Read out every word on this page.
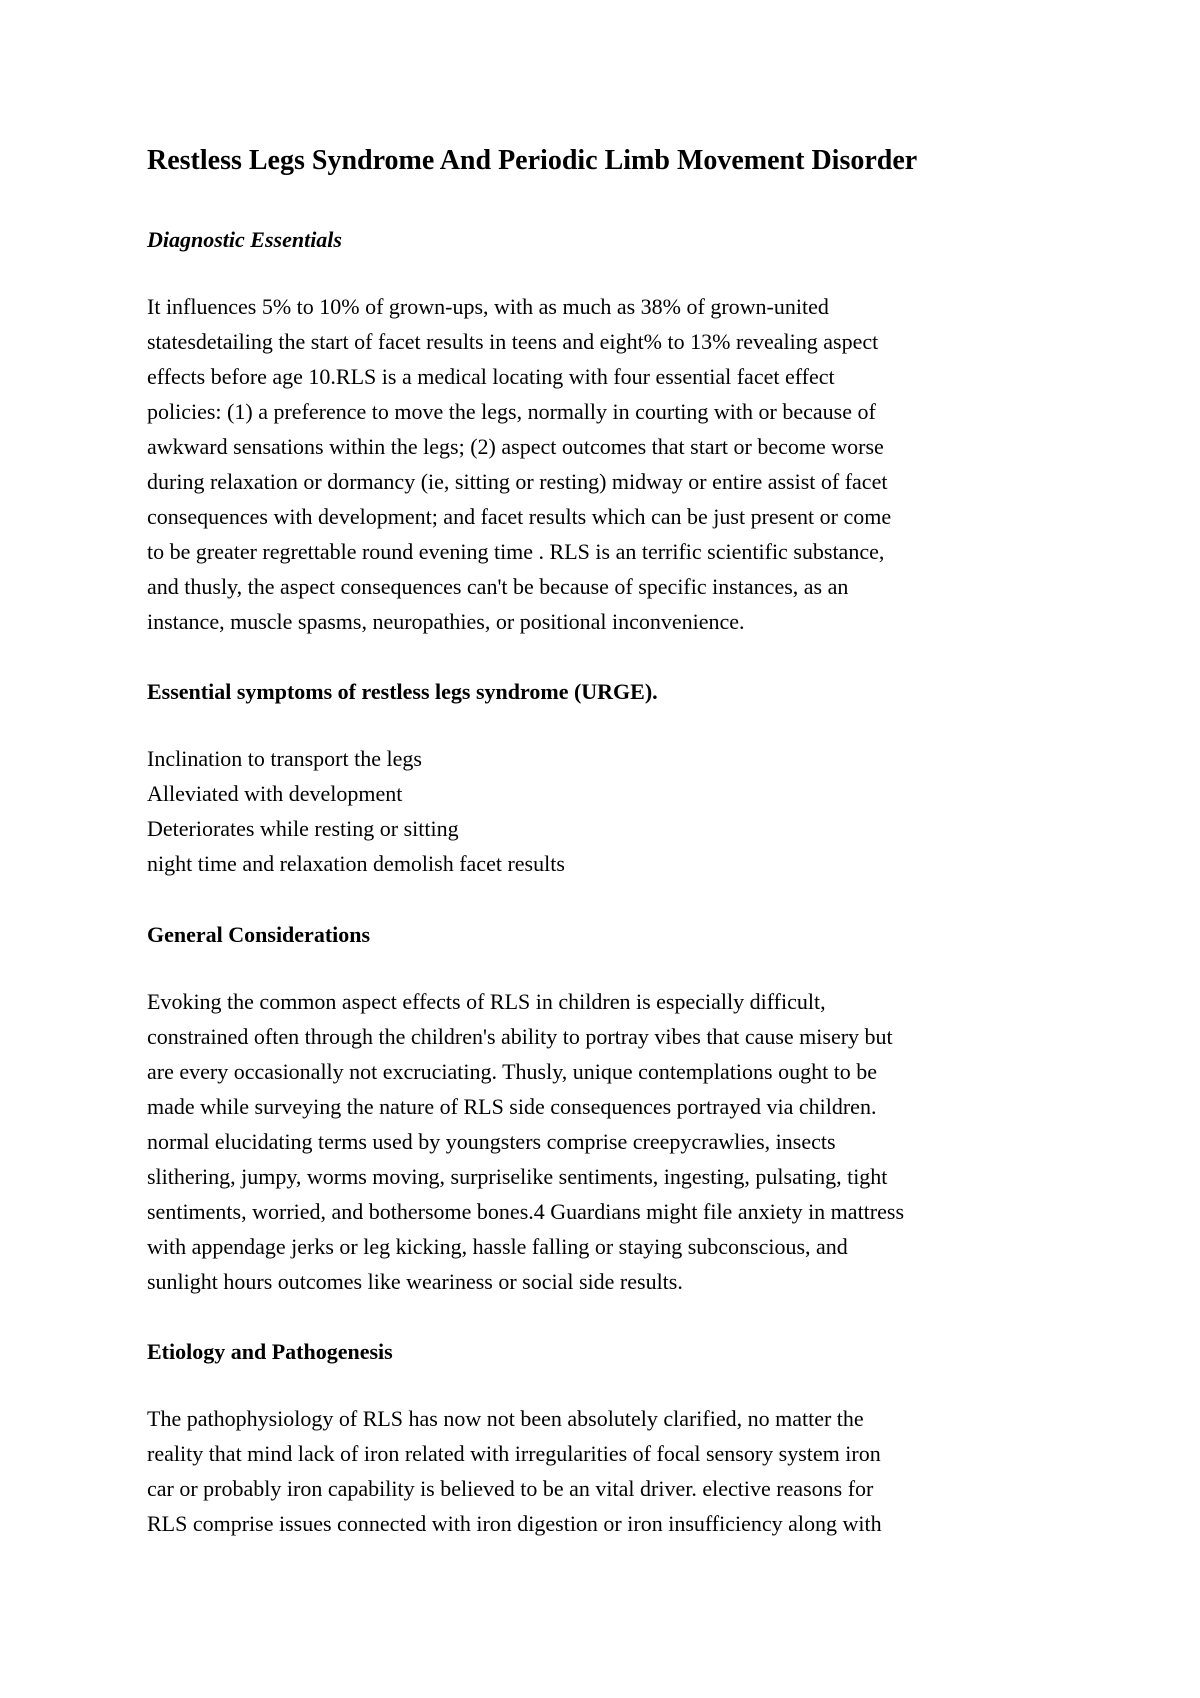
Restless Legs Syndrome And Periodic Limb Movement Disorder
Diagnostic Essentials

It influences 5% to 10% of grown-ups, with as much as 38% of grown-united
statesdetailing the start of facet results in teens and eight% to 13% revealing aspect
effects before age 10.RLS is a medical locating with four essential facet effect
policies: (1) a preference to move the legs, normally in courting with or because of
awkward sensations within the legs; (2) aspect outcomes that start or become worse
during relaxation or dormancy (ie, sitting or resting) midway or entire assist of facet
consequences with development; and facet results which can be just present or come
to be greater regrettable round evening time . RLS is an terrific scientific substance,
and thusly, the aspect consequences can't be because of specific instances, as an
instance, muscle spasms, neuropathies, or positional inconvenience.

Essential symptoms of restless legs syndrome (URGE).

Inclination to transport the legs
Alleviated with development
Deteriorates while resting or sitting
night time and relaxation demolish facet results

General Considerations

Evoking the common aspect effects of RLS in children is especially difficult,
constrained often through the children's ability to portray vibes that cause misery but
are every occasionally not excruciating. Thusly, unique contemplations ought to be
made while surveying the nature of RLS side consequences portrayed via children.
normal elucidating terms used by youngsters comprise creepycrawlies, insects
slithering, jumpy, worms moving, surpriselike sentiments, ingesting, pulsating, tight
sentiments, worried, and bothersome bones.4 Guardians might file anxiety in mattress
with appendage jerks or leg kicking, hassle falling or staying subconscious, and
sunlight hours outcomes like weariness or social side results.

Etiology and Pathogenesis

The pathophysiology of RLS has now not been absolutely clarified, no matter the
reality that mind lack of iron related with irregularities of focal sensory system iron
car or probably iron capability is believed to be an vital driver. elective reasons for
RLS comprise issues connected with iron digestion or iron insufficiency along with
